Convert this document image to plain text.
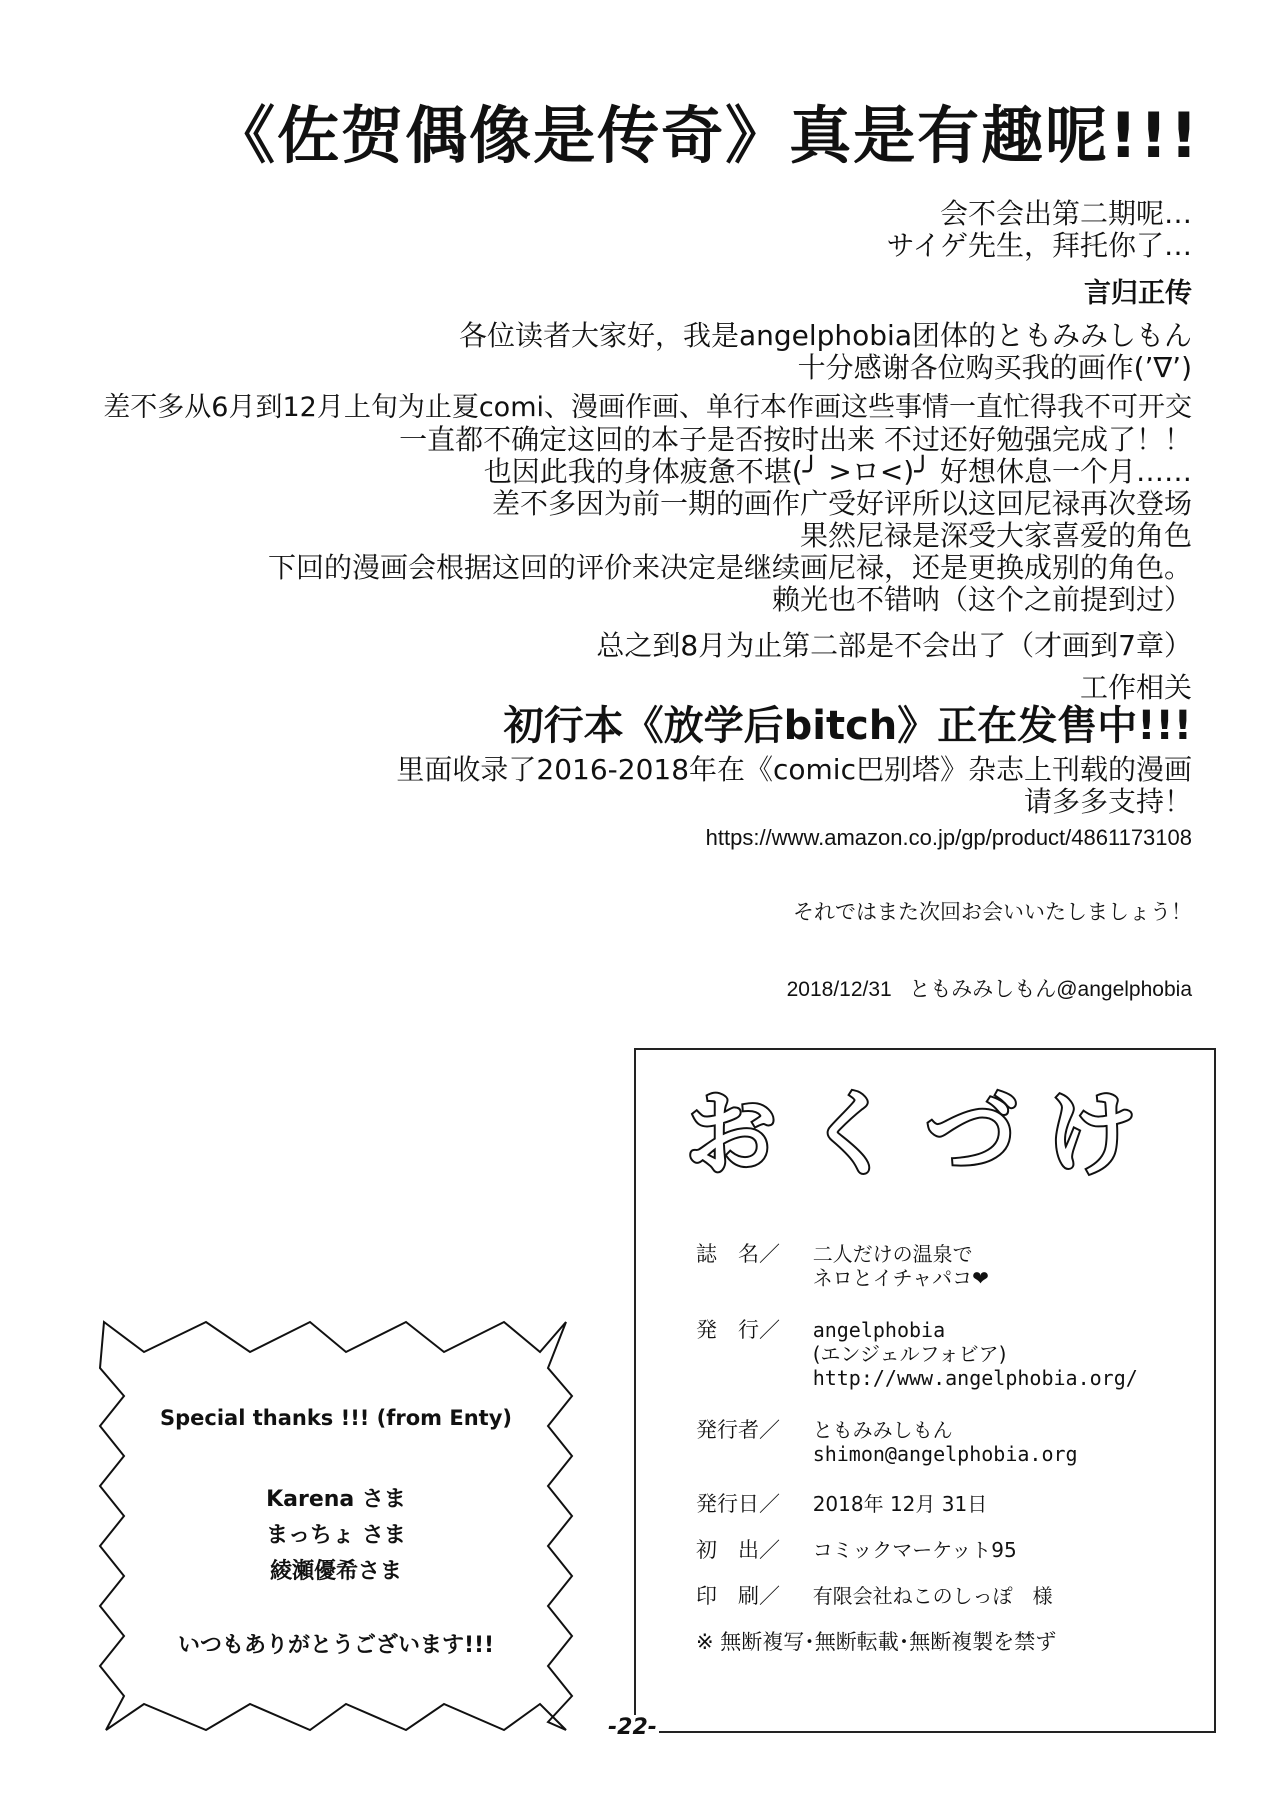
《佐贺偶像是传奇》真是有趣呢!!!
会不会出第二期呢…
サイゲ先生，拜托你了…
言归正传
各位读者大家好，我是angelphobia团体的ともみみしもん
十分感谢各位购买我的画作(’∇’)
差不多从6月到12月上旬为止夏comi、漫画作画、单行本作画这些事情一直忙得我不可开交
一直都不确定这回的本子是否按时出来 不过还好勉强完成了！！
也因此我的身体疲惫不堪(╯ >ロ<)╯ 好想休息一个月……
差不多因为前一期的画作广受好评所以这回尼禄再次登场
果然尼禄是深受大家喜爱的角色
下回的漫画会根据这回的评价来决定是继续画尼禄，还是更换成别的角色。
赖光也不错呐（这个之前提到过）
总之到8月为止第二部是不会出了（才画到7章）
工作相关
初行本《放学后bitch》正在发售中!!!
里面收录了2016-2018年在《comic巴别塔》杂志上刊载的漫画
请多多支持！
https://www.amazon.co.jp/gp/product/4861173108
それではまた次回お会いいたしましょう！
2018/12/31 ともみみしもん@angelphobia
Special thanks !!! (from Enty)
Karena さま
まっちょ さま
綾瀬優希さま
いつもありがとうございます!!!
おくづけ
誌　名／ 二人だけの温泉で
ネロとイチャパコ❤
発　行／ angelphobia
(エンジェルフォビア)
http://www.angelphobia.org/
発行者／ ともみみしもん
shimon@angelphobia.org
発行日／ 2018年 12月 31日
初　出／ コミックマーケット95
印　刷／ 有限会社ねこのしっぽ　様
※ 無断複写･無断転載･無断複製を禁ず
-22-
